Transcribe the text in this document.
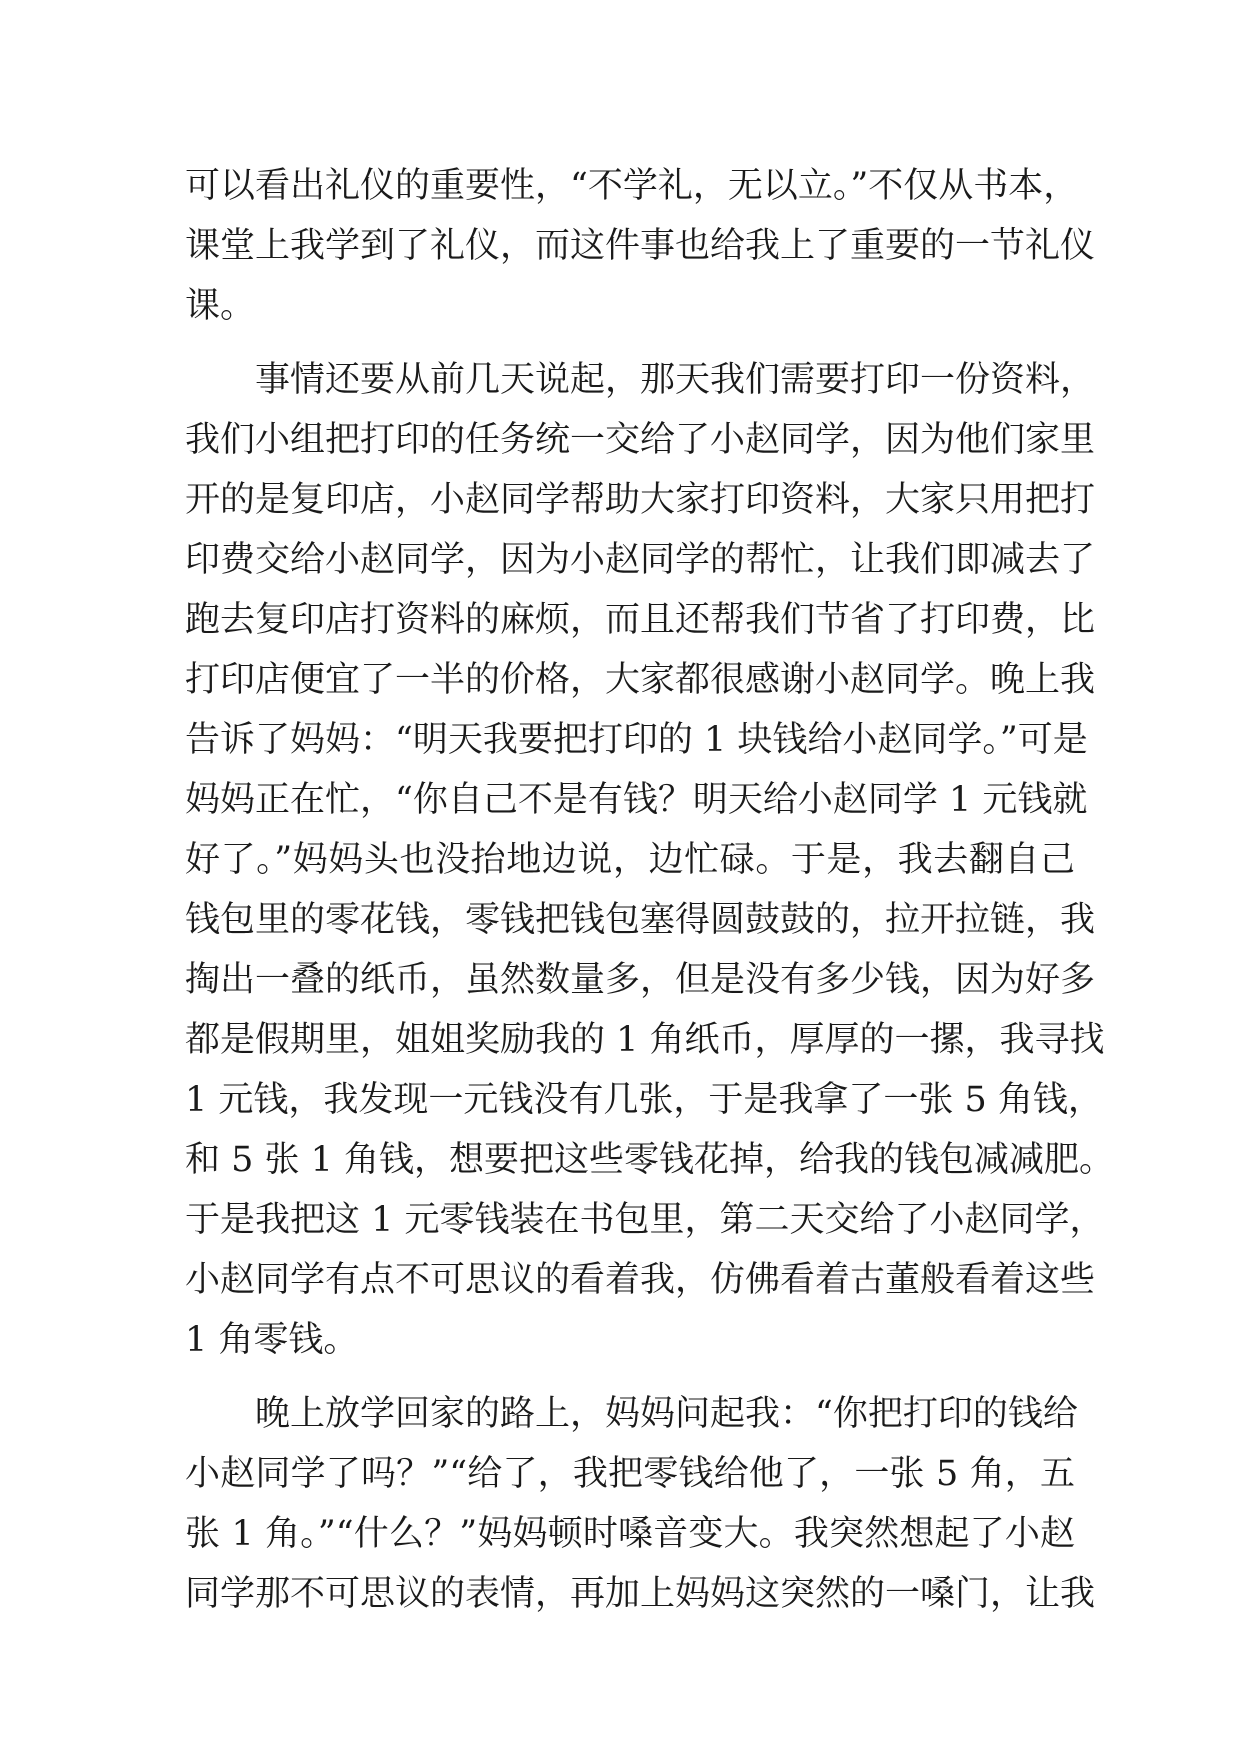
可以看出礼仪的重要性，“不学礼，无以立。”不仅从书本，
课堂上我学到了礼仪，而这件事也给我上了重要的一节礼仪
课。
事情还要从前几天说起，那天我们需要打印一份资料，
我们小组把打印的任务统一交给了小赵同学，因为他们家里
开的是复印店，小赵同学帮助大家打印资料，大家只用把打
印费交给小赵同学，因为小赵同学的帮忙，让我们即减去了
跑去复印店打资料的麻烦，而且还帮我们节省了打印费，比
打印店便宜了一半的价格，大家都很感谢小赵同学。晚上我
告诉了妈妈：“明天我要把打印的 1 块钱给小赵同学。”可是
妈妈正在忙，“你自己不是有钱？明天给小赵同学 1 元钱就
好了。”妈妈头也没抬地边说，边忙碌。于是，我去翻自己
钱包里的零花钱，零钱把钱包塞得圆鼓鼓的，拉开拉链，我
掏出一叠的纸币，虽然数量多，但是没有多少钱，因为好多
都是假期里，姐姐奖励我的 1 角纸币，厚厚的一摞，我寻找
1 元钱，我发现一元钱没有几张，于是我拿了一张 5 角钱，
和 5 张 1 角钱，想要把这些零钱花掉，给我的钱包减减肥。
于是我把这 1 元零钱装在书包里，第二天交给了小赵同学，
小赵同学有点不可思议的看着我，仿佛看着古董般看着这些
1 角零钱。
晚上放学回家的路上，妈妈问起我：“你把打印的钱给
小赵同学了吗？”“给了，我把零钱给他了，一张 5 角，五
张 1 角。”“什么？”妈妈顿时嗓音变大。我突然想起了小赵
同学那不可思议的表情，再加上妈妈这突然的一嗓门，让我
